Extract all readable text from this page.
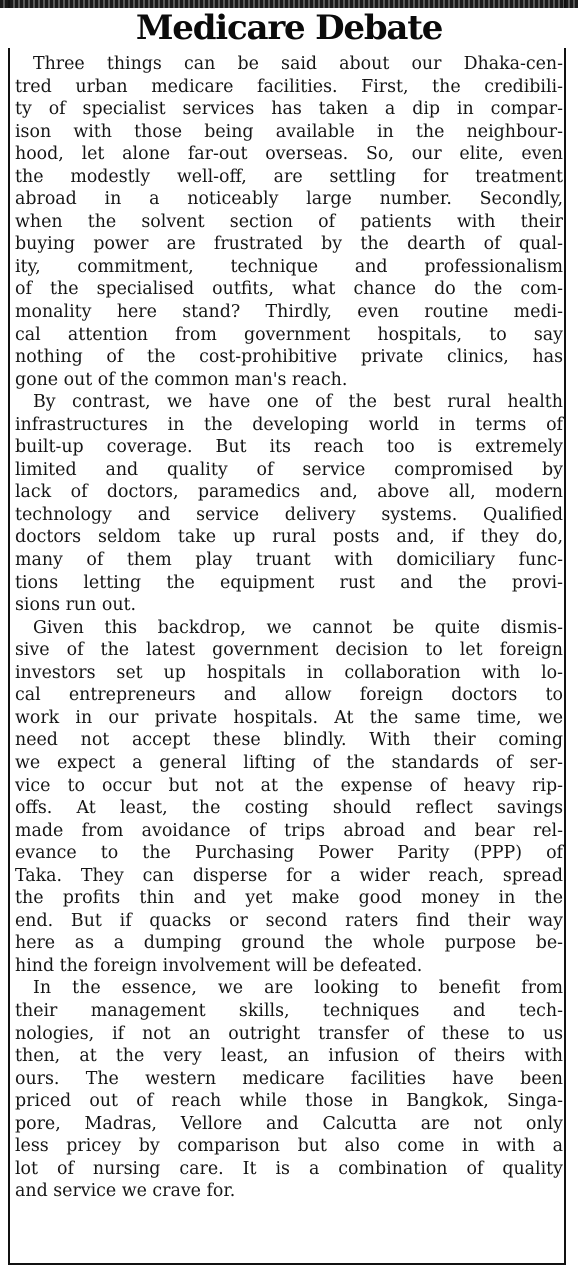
Medicare Debate
Three things can be said about our Dhaka-cen-
tred urban medicare facilities. First, the credibili-
ty of specialist services has taken a dip in compar-
ison with those being available in the neighbour-
hood, let alone far-out overseas. So, our elite, even
the modestly well-off, are settling for treatment
abroad in a noticeably large number. Secondly,
when the solvent section of patients with their
buying power are frustrated by the dearth of qual-
ity, commitment, technique and professionalism
of the specialised outfits, what chance do the com-
monality here stand? Thirdly, even routine medi-
cal attention from government hospitals, to say
nothing of the cost-prohibitive private clinics, has
gone out of the common man's reach.
By contrast, we have one of the best rural health
infrastructures in the developing world in terms of
built-up coverage. But its reach too is extremely
limited and quality of service compromised by
lack of doctors, paramedics and, above all, modern
technology and service delivery systems. Qualified
doctors seldom take up rural posts and, if they do,
many of them play truant with domiciliary func-
tions letting the equipment rust and the provi-
sions run out.
Given this backdrop, we cannot be quite dismis-
sive of the latest government decision to let foreign
investors set up hospitals in collaboration with lo-
cal entrepreneurs and allow foreign doctors to
work in our private hospitals. At the same time, we
need not accept these blindly. With their coming
we expect a general lifting of the standards of ser-
vice to occur but not at the expense of heavy rip-
offs. At least, the costing should reflect savings
made from avoidance of trips abroad and bear rel-
evance to the Purchasing Power Parity (PPP) of
Taka. They can disperse for a wider reach, spread
the profits thin and yet make good money in the
end. But if quacks or second raters find their way
here as a dumping ground the whole purpose be-
hind the foreign involvement will be defeated.
In the essence, we are looking to benefit from
their management skills, techniques and tech-
nologies, if not an outright transfer of these to us
then, at the very least, an infusion of theirs with
ours. The western medicare facilities have been
priced out of reach while those in Bangkok, Singa-
pore, Madras, Vellore and Calcutta are not only
less pricey by comparison but also come in with a
lot of nursing care. It is a combination of quality
and service we crave for.
